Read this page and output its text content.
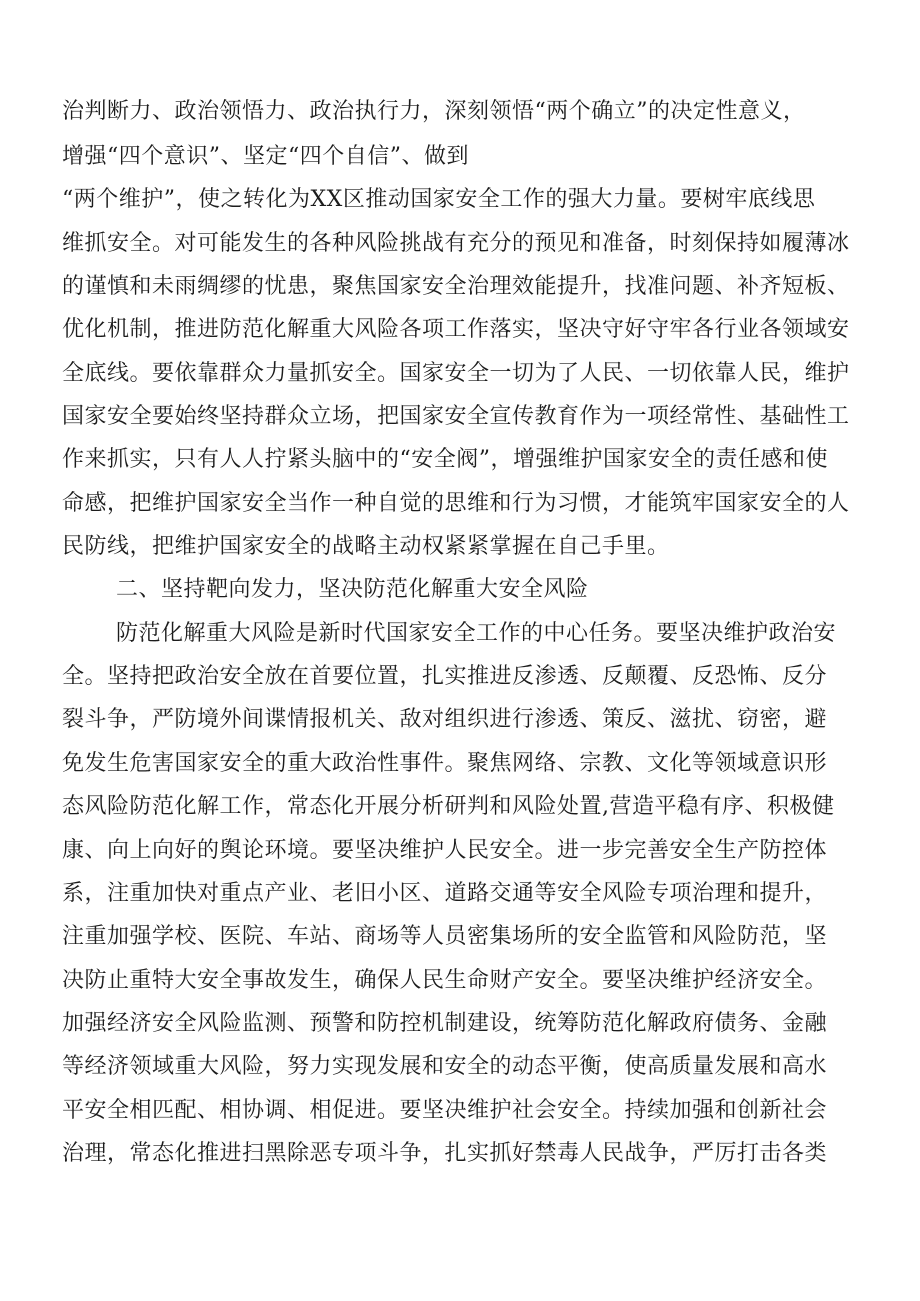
治判断力、政治领悟力、政治执行力，深刻领悟“两个确立”的决定性意义，

增强“四个意识”、坚定“四个自信”、做到

“两个维护”，使之转化为XX区推动国家安全工作的强大力量。要树牢底线思

维抓安全。对可能发生的各种风险挑战有充分的预见和准备，时刻保持如履薄冰

的谨慎和未雨绸缪的忧患，聚焦国家安全治理效能提升，找准问题、补齐短板、

优化机制，推进防范化解重大风险各项工作落实，坚决守好守牢各行业各领域安

全底线。要依靠群众力量抓安全。国家安全一切为了人民、一切依靠人民，维护

国家安全要始终坚持群众立场，把国家安全宣传教育作为一项经常性、基础性工

作来抓实，只有人人拧紧头脑中的“安全阀”，增强维护国家安全的责任感和使

命感，把维护国家安全当作一种自觉的思维和行为习惯，才能筑牢国家安全的人

民防线，把维护国家安全的战略主动权紧紧掌握在自己手里。

二、坚持靶向发力，坚决防范化解重大安全风险

防范化解重大风险是新时代国家安全工作的中心任务。要坚决维护政治安

全。坚持把政治安全放在首要位置，扎实推进反渗透、反颠覆、反恐怖、反分

裂斗争，严防境外间谍情报机关、敌对组织进行渗透、策反、滋扰、窃密，避

免发生危害国家安全的重大政治性事件。聚焦网络、宗教、文化等领域意识形

态风险防范化解工作，常态化开展分析研判和风险处置,营造平稳有序、积极健

康、向上向好的舆论环境。要坚决维护人民安全。进一步完善安全生产防控体

系，注重加快对重点产业、老旧小区、道路交通等安全风险专项治理和提升，

注重加强学校、医院、车站、商场等人员密集场所的安全监管和风险防范，坚

决防止重特大安全事故发生，确保人民生命财产安全。要坚决维护经济安全。

加强经济安全风险监测、预警和防控机制建设，统筹防范化解政府债务、金融

等经济领域重大风险，努力实现发展和安全的动态平衡，使高质量发展和高水

平安全相匹配、相协调、相促进。要坚决维护社会安全。持续加强和创新社会

治理，常态化推进扫黑除恶专项斗争，扎实抓好禁毒人民战争，严厉打击各类
